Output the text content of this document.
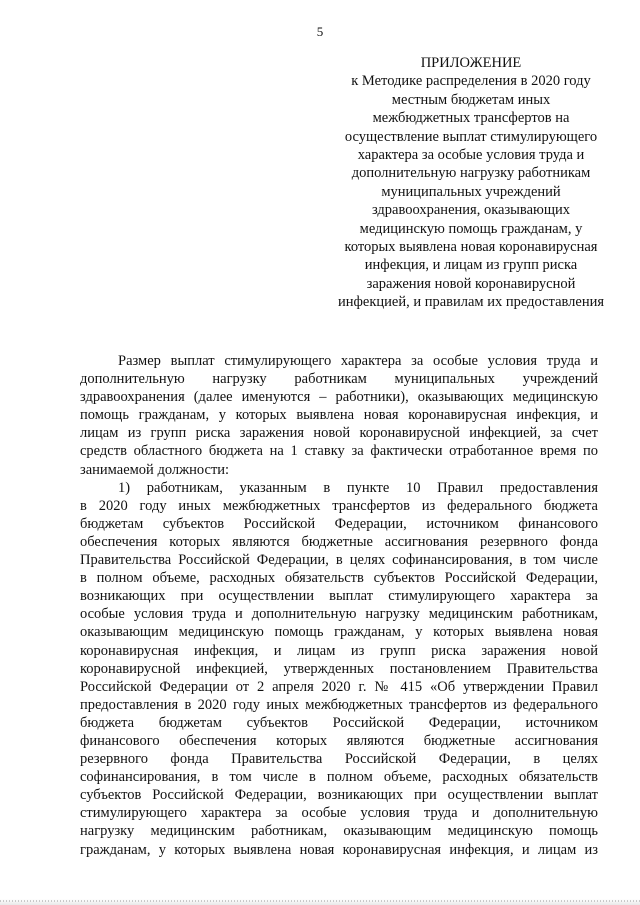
5
ПРИЛОЖЕНИЕ
к Методике распределения в 2020 году
местным бюджетам иных
межбюджетных трансфертов на
осуществление выплат стимулирующего
характера за особые условия труда и
дополнительную нагрузку работникам
муниципальных учреждений
здравоохранения, оказывающих
медицинскую помощь гражданам, у
которых выявлена новая коронавирусная
инфекция, и лицам из групп риска
заражения новой коронавирусной
инфекцией, и правилам их предоставления
Размер выплат стимулирующего характера за особые условия труда и
дополнительную нагрузку работникам муниципальных учреждений
здравоохранения (далее именуются – работники), оказывающих медицинскую
помощь гражданам, у которых выявлена новая коронавирусная инфекция, и
лицам из групп риска заражения новой коронавирусной инфекцией, за счет
средств областного бюджета на 1 ставку за фактически отработанное время по
занимаемой должности:
1) работникам, указанным в пункте 10 Правил предоставления
в 2020 году иных межбюджетных трансфертов из федерального бюджета
бюджетам субъектов Российской Федерации, источником финансового
обеспечения которых являются бюджетные ассигнования резервного фонда
Правительства Российской Федерации, в целях софинансирования, в том числе
в полном объеме, расходных обязательств субъектов Российской Федерации,
возникающих при осуществлении выплат стимулирующего характера за
особые условия труда и дополнительную нагрузку медицинским работникам,
оказывающим медицинскую помощь гражданам, у которых выявлена новая
коронавирусная инфекция, и лицам из групп риска заражения новой
коронавирусной инфекцией, утвержденных постановлением Правительства
Российской Федерации от 2 апреля 2020 г. № 415 «Об утверждении Правил
предоставления в 2020 году иных межбюджетных трансфертов из федерального
бюджета бюджетам субъектов Российской Федерации, источником
финансового обеспечения которых являются бюджетные ассигнования
резервного фонда Правительства Российской Федерации, в целях
софинансирования, в том числе в полном объеме, расходных обязательств
субъектов Российской Федерации, возникающих при осуществлении выплат
стимулирующего характера за особые условия труда и дополнительную
нагрузку медицинским работникам, оказывающим медицинскую помощь
гражданам, у которых выявлена новая коронавирусная инфекция, и лицам из
